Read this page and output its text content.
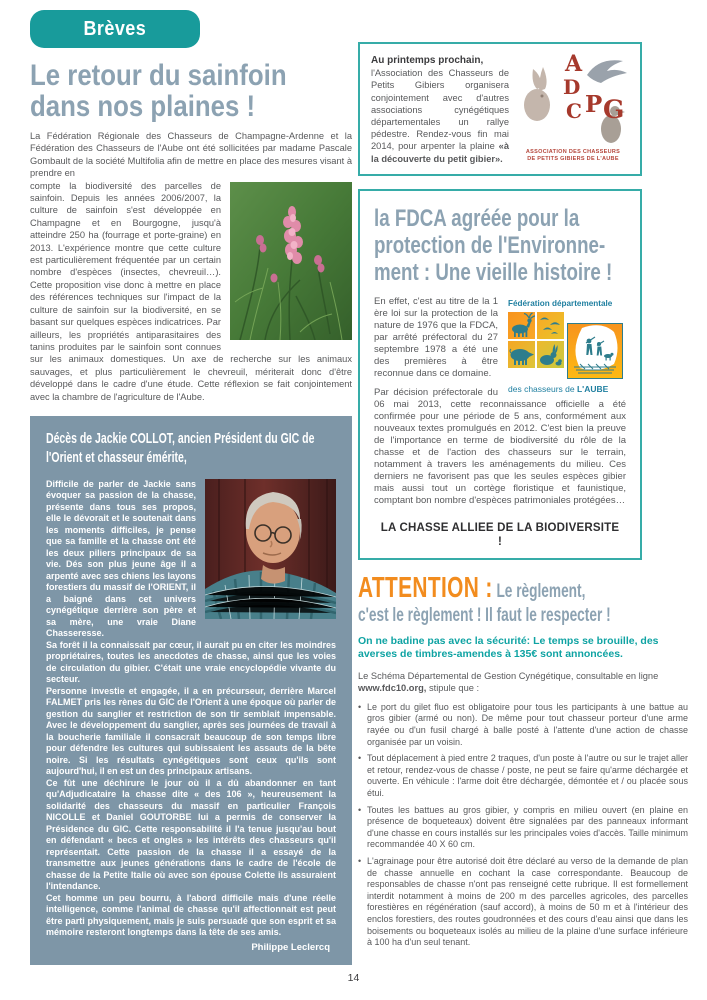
Brèves
Le retour du sainfoin
dans nos plaines !

La Fédération Régionale des Chasseurs de Champagne-Ardenne et la Fédération des Chasseurs de l'Aube ont été sollicitées par madame Pascale Gombault de la société Multifolia afin de mettre en place des mesures visant à prendre en

compte la biodiversité des parcelles de sainfoin. Depuis les années 2006/2007, la culture de sainfoin s'est développée en Champagne et en Bourgogne, jusqu'à atteindre 250 ha (fourrage et porte-graine) en 2013. L'expérience montre que cette culture est particulièrement fréquentée par un certain nombre d'espèces (insectes, chevreuil…). Cette proposition vise donc à mettre en place des références techniques sur l'impact de la culture de sainfoin sur la biodiversité, en se basant sur quelques espèces indicatrices. Par ailleurs, les propriétés antiparasitaires des tanins produites par le sainfoin sont connues sur les animaux domestiques. Un axe de recherche sur les animaux sauvages, et plus particulièrement le chevreuil, mériterait donc d'être développé dans le cadre d'une étude. Cette réflexion se fait conjointement avec la chambre de l'agriculture de l'Aube.

Décès de Jackie COLLOT, ancien Président du GIC de
l'Orient et chasseur émérite,

Difficile de parler de Jackie sans évoquer sa passion de la chasse, présente dans tous ses propos, elle le dévorait et le soutenait dans les moments difficiles, je pense que sa famille et la chasse ont été les deux piliers principaux de sa vie. Dés son plus jeune âge il a arpenté avec ses chiens les layons forestiers du massif de l'ORIENT, il a baigné dans cet univers cynégétique derrière son père et sa mère, une vraie Diane Chasseresse.

Sa forêt il la connaissait par cœur, il aurait pu en citer les moindres propriétaires, toutes les anecdotes de chasse, ainsi que les voies de circulation du gibier. C'était une vraie encyclopédie vivante du secteur.

Personne investie et engagée, il a en précurseur, derrière Marcel FALMET pris les rènes du GIC de l'Orient à une époque où parler de gestion du sanglier et restriction de son tir semblait impensable. Avec le développement du sanglier, après ses journées de travail à la boucherie familiale il consacrait beaucoup de son temps libre pour défendre les cultures qui subissaient les assauts de la bête noire. Si les résultats cynégétiques sont ceux qu'ils sont aujourd'hui, il en est un des principaux artisans.

Ce fût une déchirure le jour où il a dû abandonner en tant qu'Adjudicataire la chasse dite « des 106 », heureusement la solidarité des chasseurs du massif en particulier François NICOLLE et Daniel GOUTORBE lui a permis de conserver la Présidence du GIC. Cette responsabilité il l'a tenue jusqu'au bout en défendant « becs et ongles » les intérêts des chasseurs qu'il représentait. Cette passion de la chasse il a essayé de la transmettre aux jeunes générations dans le cadre de l'école de chasse de la Petite Italie où avec son épouse Colette ils assuraient l'intendance.

Cet homme un peu bourru, à l'abord difficile mais d'une réelle intelligence, comme l'animal de chasse qu'il affectionnait est peut être parti physiquement, mais je suis persuadé que son esprit et sa mémoire resteront longtemps dans la tête de ses amis.

Philippe Leclercq
Au printemps prochain,
l'Association des Chasseurs de Petits Gibiers organisera conjointement avec d'autres associations cynégétiques départementales un rallye pédestre. Rendez-vous fin mai 2014, pour arpenter la plaine «à la découverte du petit gibier».
A
D
C P G
ASSOCIATION DES CHASSEURS
DE PETITS GIBIERS DE L'AUBE
la FDCA agréée pour la
protection de l'Environne-
ment : Une vieille histoire !
Fédération départementale
des chasseurs de L'AUBE

En effet, c'est au titre de la 1 ère loi sur la protection de la nature de 1976 que la FDCA, par arrêté préfectoral du 27 septembre 1978 a été une des premières à être reconnue dans ce domaine.

Par décision préfectorale du 06 mai 2013, cette reconnaissance officielle a été confirmée pour une période de 5 ans, conformément aux nouveaux textes promulgués en 2012. C'est bien la preuve de l'importance en terme de biodiversité du rôle de la chasse et de l'action des chasseurs sur le terrain, notamment à travers les aménagements du milieu. Ces derniers ne favorisent pas que les seules espèces gibier mais aussi tout un cortège floristique et faunistique, comptant bon nombre d'espèces patrimoniales protégées…

LA CHASSE ALLIEE DE LA BIODIVERSITE !
ATTENTION : Le règlement,
c'est le règlement ! Il faut le respecter !
On ne badine pas avec la sécurité: Le temps se brouille, des averses de timbres-amendes à 135€ sont annoncées.

Le Schéma Départemental de Gestion Cynégétique, consultable en ligne www.fdc10.org, stipule que :

• Le port du gilet fluo est obligatoire pour tous les participants à une battue au gros gibier (armé ou non). De même pour tout chasseur porteur d'une arme rayée ou d'un fusil chargé à balle posté à l'attente d'une action de chasse organisée par un voisin.
• Tout déplacement à pied entre 2 traques, d'un poste à l'autre ou sur le trajet aller et retour, rendez-vous de chasse / poste, ne peut se faire qu'arme déchargée et ouverte. En véhicule : l'arme doit être déchargée, démontée et / ou placée sous étui.
• Toutes les battues au gros gibier, y compris en milieu ouvert (en plaine en présence de boqueteaux) doivent être signalées par des panneaux informant d'une chasse en cours installés sur les principales voies d'accès. Taille minimum recommandée 40 X 60 cm.
• L'agrainage pour être autorisé doit être déclaré au verso de la demande de plan de chasse annuelle en cochant la case correspondante. Beaucoup de responsables de chasse n'ont pas renseigné cette rubrique. Il est formellement interdit notamment à moins de 200 m des parcelles agricoles, des parcelles forestières en régénération (sauf accord), à moins de 50 m et à l'intérieur des enclos forestiers, des routes goudronnées et des cours d'eau ainsi que dans les boisements ou boqueteaux isolés au milieu de la plaine d'une surface inférieure à 100 ha d'un seul tenant.
14
